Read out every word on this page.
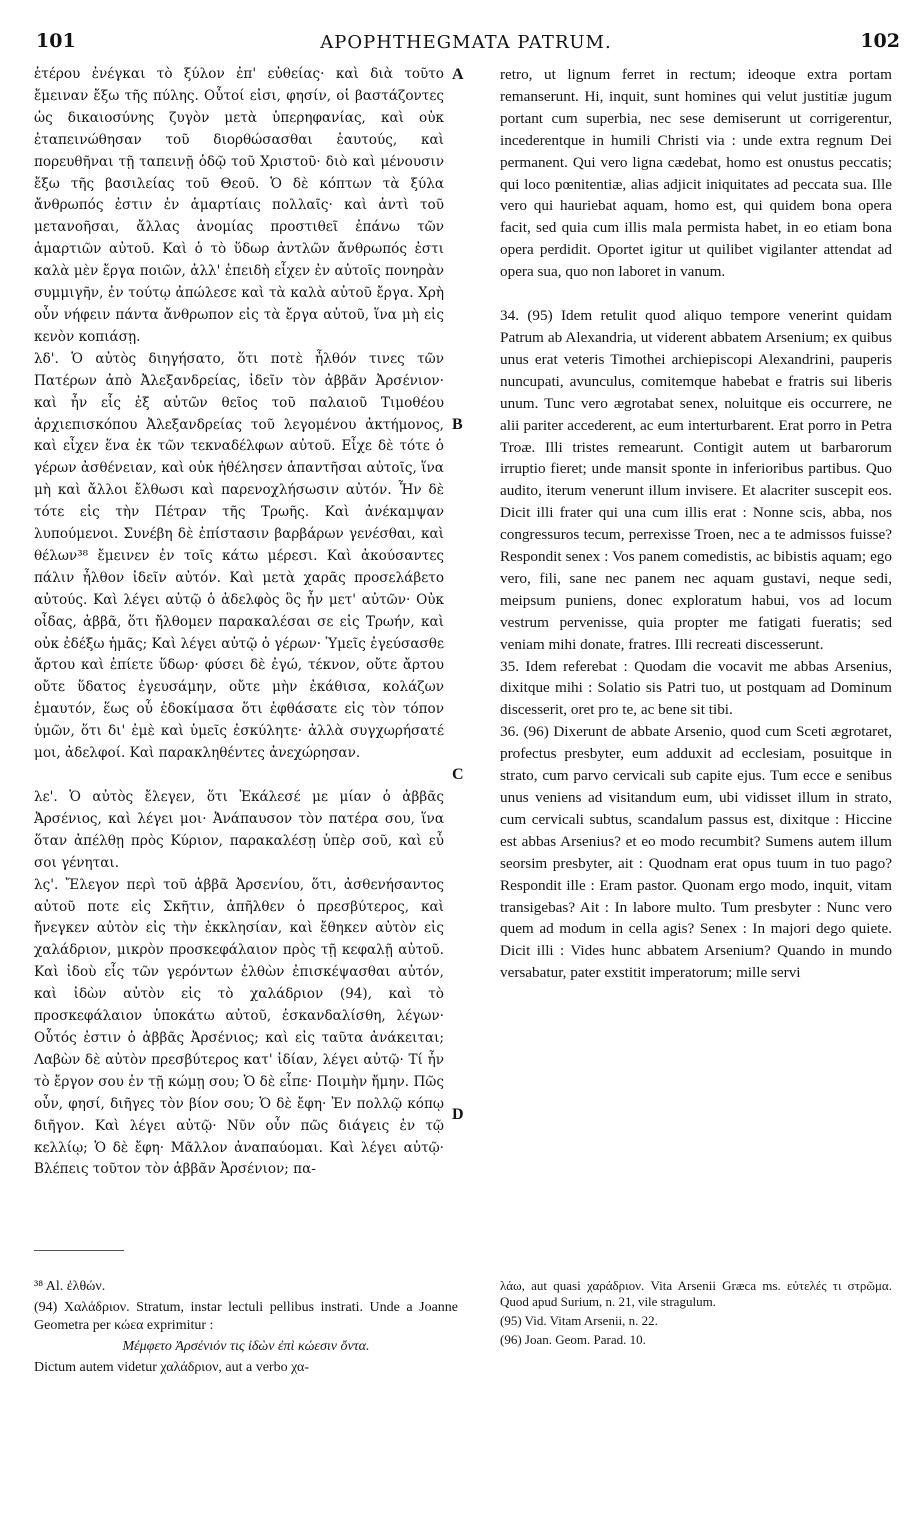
101	APOPHTHEGMATA PATRUM.	102

ἑτέρου ἐνέγκαι τὸ ξύλον ἐπ' εὐθείας· καὶ διὰ τοῦτο ἔμειναν ἔξω τῆς πύλης. Οὗτοί εἰσι, φησίν, οἱ βαστάζοντες ὡς δικαιοσύνης ζυγὸν μετὰ ὑπερηφανίας, καὶ οὐκ ἐταπεινώθησαν τοῦ διορθώσασθαι ἑαυτούς, καὶ πορευθῆναι τῇ ταπεινῇ ὁδῷ τοῦ Χριστοῦ· διὸ καὶ μένουσιν ἔξω τῆς βασιλείας τοῦ Θεοῦ. Ὁ δὲ κόπτων τὰ ξύλα ἄνθρωπός ἐστιν ἐν ἁμαρτίαις πολλαῖς· καὶ ἀντὶ τοῦ μετανοῆσαι, ἄλλας ἀνομίας προστιθεῖ ἐπάνω τῶν ἁμαρτιῶν αὐτοῦ. Καὶ ὁ τὸ ὕδωρ ἀντλῶν ἄνθρωπός ἐστι καλὰ μὲν ἔργα ποιῶν, ἀλλ' ἐπειδὴ εἶχεν ἐν αὐτοῖς πονηρὰν συμμιγῆν, ἐν τούτῳ ἀπώλεσε καὶ τὰ καλὰ αὐτοῦ ἔργα. Χρὴ οὖν νήφειν πάντα ἄνθρωπον εἰς τὰ ἔργα αὐτοῦ, ἵνα μὴ εἰς κενὸν κοπιάσῃ.

λδ'. Ὁ αὐτὸς διηγήσατο, ὅτι ποτὲ ἦλθόν τινες τῶν Πατέρων ἀπὸ Ἀλεξανδρείας, ἰδεῖν τὸν ἀββᾶν Ἀρσένιον· καὶ ἦν εἷς ἐξ αὐτῶν θεῖος τοῦ παλαιοῦ Τιμοθέου ἀρχιεπισκόπου Ἀλεξανδρείας τοῦ λεγομένου ἀκτήμονος, καὶ εἶχεν ἕνα ἐκ τῶν τεκναδέλφων αὐτοῦ. Εἶχε δὲ τότε ὁ γέρων ἀσθένειαν, καὶ οὐκ ἠθέλησεν ἀπαντῆσαι αὐτοῖς, ἵνα μὴ καὶ ἄλλοι ἔλθωσι καὶ παρενοχλήσωσιν αὐτόν. Ἦν δὲ τότε εἰς τὴν Πέτραν τῆς Τρωῆς. Καὶ ἀνέκαμψαν λυπούμενοι. Συνέβη δὲ ἐπίστασιν βαρβάρων γενέσθαι, καὶ θέλων³⁸ ἔμεινεν ἐν τοῖς κάτω μέρεσι. Καὶ ἀκούσαντες πάλιν ἦλθον ἰδεῖν αὐτόν. Καὶ μετὰ χαρᾶς προσελάβετο αὐτούς. Καὶ λέγει αὐτῷ ὁ ἀδελφὸς ὃς ἦν μετ' αὐτῶν· Οὐκ οἶδας, ἀββᾶ, ὅτι ἤλθομεν παρακαλέσαι σε εἰς Τρωήν, καὶ οὐκ ἐδέξω ἡμᾶς; Καὶ λέγει αὐτῷ ὁ γέρων· Ὑμεῖς ἐγεύσασθε ἄρτου καὶ ἐπίετε ὕδωρ· φύσει δὲ ἐγώ, τέκνον, οὔτε ἄρτου οὔτε ὕδατος ἐγευσάμην, οὔτε μὴν ἐκάθισα, κολάζων ἐμαυτόν, ἕως οὗ ἐδοκίμασα ὅτι ἐφθάσατε εἰς τὸν τόπον ὑμῶν, ὅτι δι' ἐμὲ καὶ ὑμεῖς ἐσκύλητε· ἀλλὰ συγχωρήσατέ μοι, ἀδελφοί. Καὶ παρακληθέντες ἀνεχώρησαν.

λε'. Ὁ αὐτὸς ἔλεγεν, ὅτι Ἐκάλεσέ με μίαν ὁ ἀββᾶς Ἀρσένιος, καὶ λέγει μοι· Ἀνάπαυσον τὸν πατέρα σου, ἵνα ὅταν ἀπέλθῃ πρὸς Κύριον, παρακαλέσῃ ὑπὲρ σοῦ, καὶ εὖ σοι γένηται.

λς'. Ἔλεγον περὶ τοῦ ἀββᾶ Ἀρσενίου, ὅτι, ἀσθενήσαντος αὐτοῦ ποτε εἰς Σκῆτιν, ἀπῆλθεν ὁ πρεσβύτερος, καὶ ἤνεγκεν αὐτὸν εἰς τὴν ἐκκλησίαν, καὶ ἔθηκεν αὐτὸν εἰς χαλάδριον, μικρὸν προσκεφάλαιον πρὸς τῇ κεφαλῇ αὐτοῦ. Καὶ ἰδοὺ εἷς τῶν γερόντων ἐλθὼν ἐπισκέψασθαι αὐτόν, καὶ ἰδὼν αὐτὸν εἰς τὸ χαλάδριον (94), καὶ τὸ προσκεφάλαιον ὑποκάτω αὐτοῦ, ἐσκανδαλίσθη, λέγων· Οὗτός ἐστιν ὁ ἀββᾶς Ἀρσένιος; καὶ εἰς ταῦτα ἀνάκειται; Λαβὼν δὲ αὐτὸν πρεσβύτερος κατ' ἰδίαν, λέγει αὐτῷ· Τί ἦν τὸ ἔργον σου ἐν τῇ κώμῃ σου; Ὁ δὲ εἶπε· Ποιμὴν ἤμην. Πῶς οὖν, φησί, διῆγες τὸν βίον σου; Ὁ δὲ ἔφη· Ἐν πολλῷ κόπῳ διῆγον. Καὶ λέγει αὐτῷ· Νῦν οὖν πῶς διάγεις ἐν τῷ κελλίῳ; Ὁ δὲ ἔφη· Μᾶλλον ἀναπαύομαι. Καὶ λέγει αὐτῷ· Βλέπεις τοῦτον τὸν ἀββᾶν Ἀρσένιον; πα-

A
B
C
D

retro, ut lignum ferret in rectum; ideoque extra portam remanserunt. Hi, inquit, sunt homines qui velut justitiæ jugum portant cum superbia, nec sese demiserunt ut corrigerentur, incederentque in humili Christi via : unde extra regnum Dei permanent. Qui vero ligna cædebat, homo est onustus peccatis; qui loco pœnitentiæ, alias adjicit iniquitates ad peccata sua. Ille vero qui hauriebat aquam, homo est, qui quidem bona opera facit, sed quia cum illis mala permista habet, in eo etiam bona opera perdidit. Oportet igitur ut quilibet vigilanter attendat ad opera sua, quo non laboret in vanum.

34. (95) Idem retulit quod aliquo tempore venerint quidam Patrum ab Alexandria, ut viderent abbatem Arsenium; ex quibus unus erat veteris Timothei archiepiscopi Alexandrini, pauperis nuncupati, avunculus, comitemque habebat e fratris sui liberis unum. Tunc vero ægrotabat senex, noluitque eis occurrere, ne alii pariter accederent, ac eum interturbarent. Erat porro in Petra Troæ. Illi tristes remearunt. Contigit autem ut barbarorum irruptio fieret; unde mansit sponte in inferioribus partibus. Quo audito, iterum venerunt illum invisere. Et alacriter suscepit eos. Dicit illi frater qui una cum illis erat : Nonne scis, abba, nos congressuros tecum, perrexisse Troen, nec a te admissos fuisse? Respondit senex : Vos panem comedistis, ac bibistis aquam; ego vero, fili, sane nec panem nec aquam gustavi, neque sedi, meipsum puniens, donec exploratum habui, vos ad locum vestrum pervenisse, quia propter me fatigati fueratis; sed veniam mihi donate, fratres. Illi recreati discesserunt.

35. Idem referebat : Quodam die vocavit me abbas Arsenius, dixitque mihi : Solatio sis Patri tuo, ut postquam ad Dominum discesserit, oret pro te, ac bene sit tibi.

36. (96) Dixerunt de abbate Arsenio, quod cum Sceti ægrotaret, profectus presbyter, eum adduxit ad ecclesiam, posuitque in strato, cum parvo cervicali sub capite ejus. Tum ecce e senibus unus veniens ad visitandum eum, ubi vidisset illum in strato, cum cervicali subtus, scandalum passus est, dixitque : Hiccine est abbas Arsenius? et eo modo recumbit? Sumens autem illum seorsim presbyter, ait : Quodnam erat opus tuum in tuo pago? Respondit ille : Eram pastor. Quonam ergo modo, inquit, vitam transigebas? Ait : In labore multo. Tum presbyter : Nunc vero quem ad modum in cella agis? Senex : In majori dego quiete. Dicit illi : Vides hunc abbatem Arsenium? Quando in mundo versabatur, pater exstitit imperatorum; mille servi

³⁸ Al. ἐλθών.

(94) Χαλάδριον. Stratum, instar lectuli pellibus instrati. Unde a Joanne Geometra per κώεα exprimitur :

Μέμφετο Ἀρσένιόν τις ἰδὼν ἐπὶ κώεσιν ὄντα.

Dictum autem videtur χαλάδριον, aut a verbo χα-

λάω, aut quasi χαράδριον. Vita Arsenii Græca ms. εὐτελές τι στρῶμα. Quod apud Surium, n. 21, vile stragulum.

(95) Vid. Vitam Arsenii, n. 22.

(96) Joan. Geom. Parad. 10.
